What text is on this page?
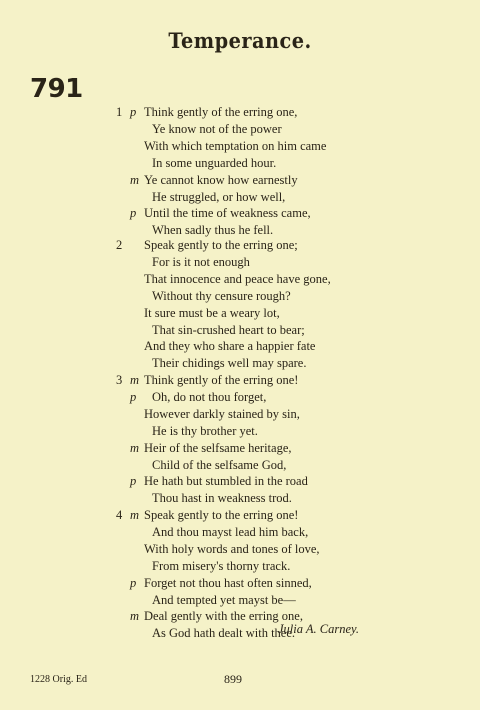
Temperance.
791
1 p Think gently of the erring one,
Ye know not of the power
With which temptation on him came
In some unguarded hour.
m Ye cannot know how earnestly
He struggled, or how well,
p Until the time of weakness came,
When sadly thus he fell.
2	Speak gently to the erring one;
For is it not enough
That innocence and peace have gone,
Without thy censure rough?
It sure must be a weary lot,
That sin-crushed heart to bear;
And they who share a happier fate
Their chidings well may spare.
3 m Think gently of the erring one!
p Oh, do not thou forget,
However darkly stained by sin,
He is thy brother yet.
m Heir of the selfsame heritage,
Child of the selfsame God,
p He hath but stumbled in the road
Thou hast in weakness trod.
4 m Speak gently to the erring one!
And thou mayst lead him back,
With holy words and tones of love,
From misery's thorny track.
p Forget not thou hast often sinned,
And tempted yet mayst be—
m Deal gently with the erring one,
As God hath dealt with thee.
Julia A. Carney.
1228 Orig. Ed	899
